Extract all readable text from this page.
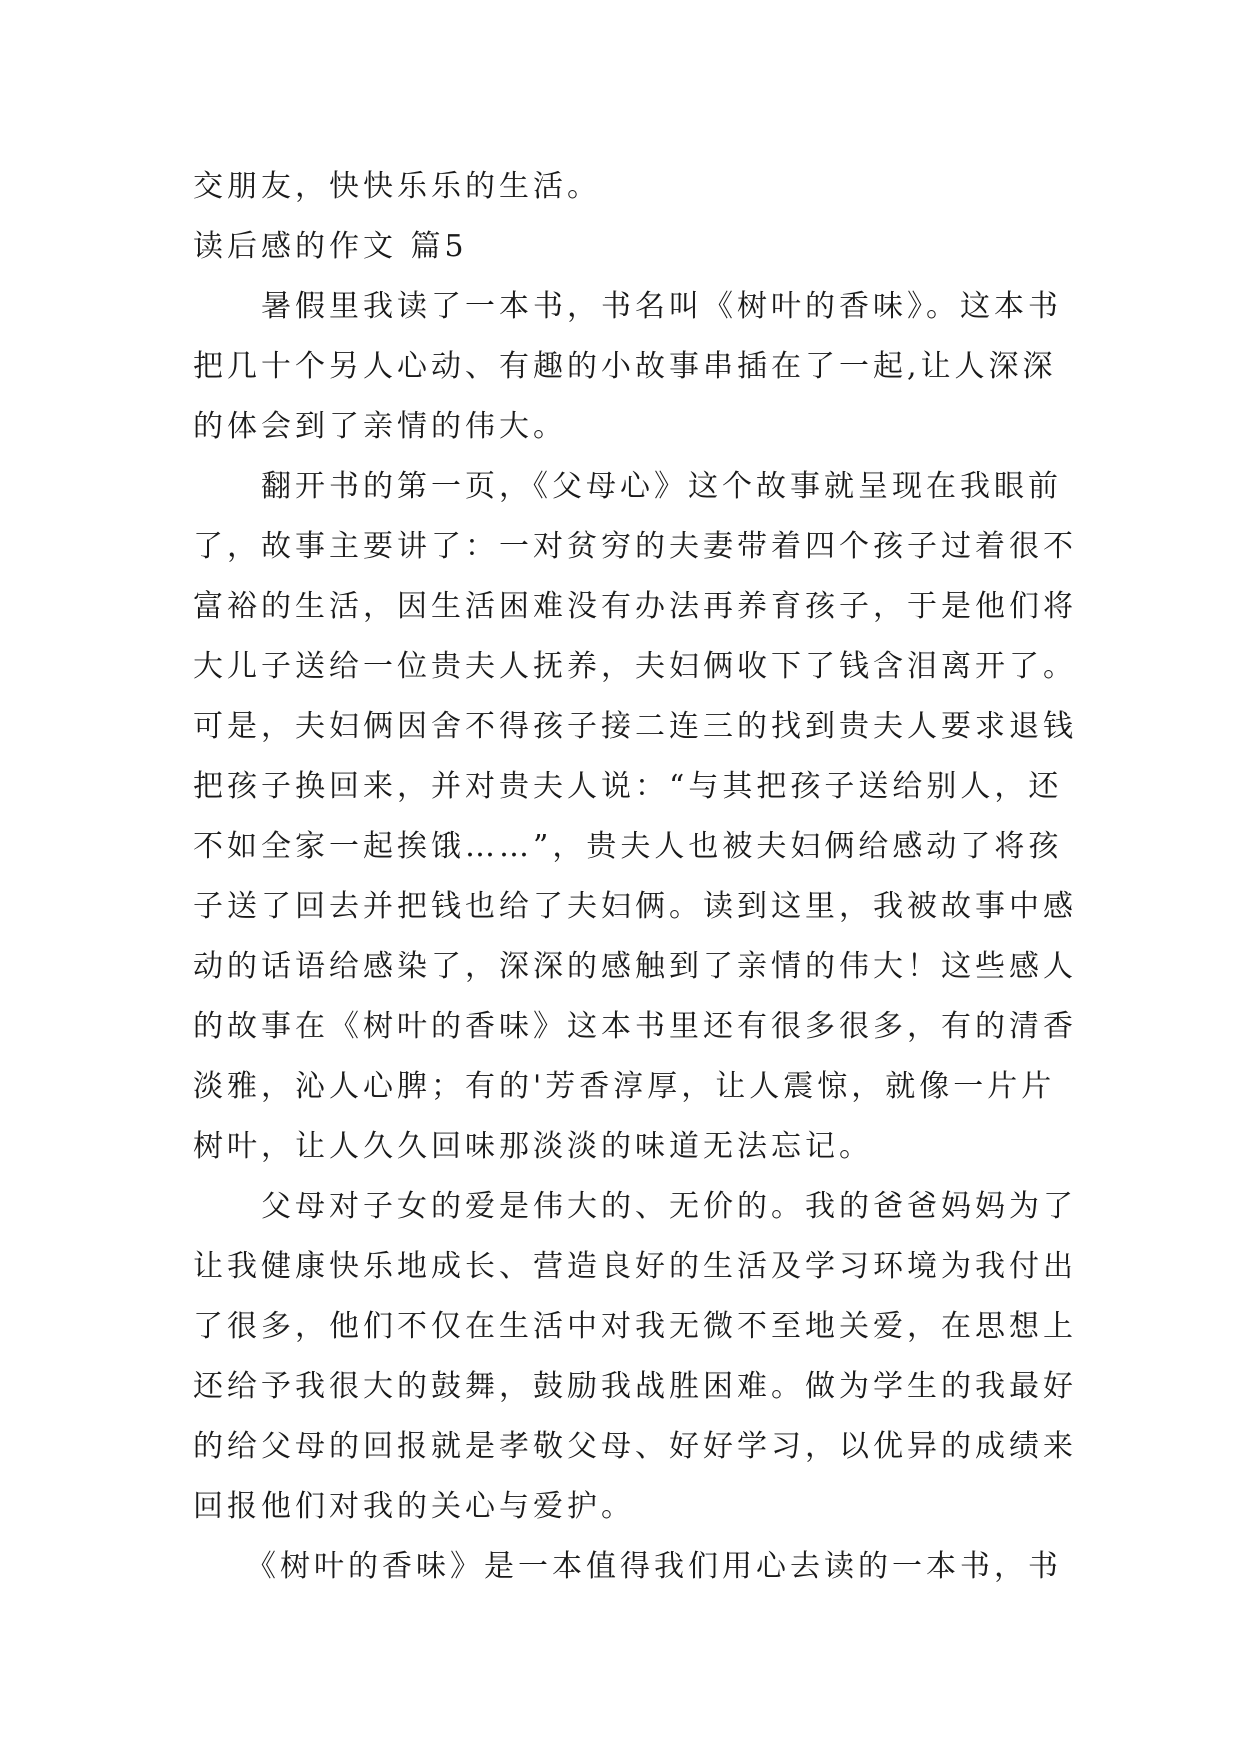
交朋友，快快乐乐的生活。
读后感的作文 篇5
　　暑假里我读了一本书，书名叫《树叶的香味》。这本书
把几十个另人心动、有趣的小故事串插在了一起,让人深深
的体会到了亲情的伟大。
　　翻开书的第一页，《父母心》这个故事就呈现在我眼前
了，故事主要讲了：一对贫穷的夫妻带着四个孩子过着很不
富裕的生活，因生活困难没有办法再养育孩子，于是他们将
大儿子送给一位贵夫人抚养，夫妇俩收下了钱含泪离开了。
可是，夫妇俩因舍不得孩子接二连三的找到贵夫人要求退钱
把孩子换回来，并对贵夫人说：“与其把孩子送给别人，还
不如全家一起挨饿……”，贵夫人也被夫妇俩给感动了将孩
子送了回去并把钱也给了夫妇俩。读到这里，我被故事中感
动的话语给感染了，深深的感触到了亲情的伟大！这些感人
的故事在《树叶的香味》这本书里还有很多很多，有的清香
淡雅，沁人心脾；有的'芳香淳厚，让人震惊，就像一片片
树叶，让人久久回味那淡淡的味道无法忘记。
　　父母对子女的爱是伟大的、无价的。我的爸爸妈妈为了
让我健康快乐地成长、营造良好的生活及学习环境为我付出
了很多，他们不仅在生活中对我无微不至地关爱，在思想上
还给予我很大的鼓舞，鼓励我战胜困难。做为学生的我最好
的给父母的回报就是孝敬父母、好好学习，以优异的成绩来
回报他们对我的关心与爱护。
　　《树叶的香味》是一本值得我们用心去读的一本书，书
